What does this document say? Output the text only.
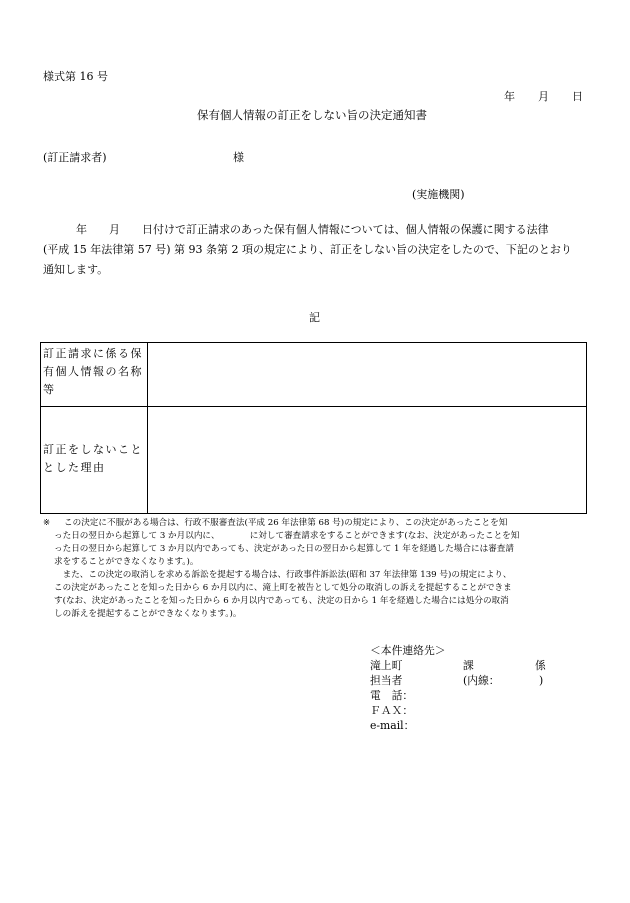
様式第 16 号
年 月 日
保有個人情報の訂正をしない旨の決定通知書
(訂正請求者)	様
(実施機関)
　　　年　　月　　日付けで訂正請求のあった保有個人情報については、個人情報の保護に関する法律
(平成 15 年法律第 57 号) 第 93 条第 2 項の規定により、訂正をしない旨の決定をしたので、下記のとおり
通知します。
記
訂正請求に係る保有個人情報の名称等
訂正をしないこととした理由
※ この決定に不服がある場合は、行政不服審査法(平成 26 年法律第 68 号)の規定により、この決定があったことを知
った日の翌日から起算して 3 か月以内に、　　　　に対して審査請求をすることができます(なお、決定があったことを知
った日の翌日から起算して 3 か月以内であっても、決定があった日の翌日から起算して 1 年を経過した場合には審査請
求をすることができなくなります。)。
　また、この決定の取消しを求める訴訟を提起する場合は、行政事件訴訟法(昭和 37 年法律第 139 号)の規定により、
この決定があったことを知った日から 6 か月以内に、滝上町を被告として処分の取消しの訴えを提起することができま
す(なお、決定があったことを知った日から 6 か月以内であっても、決定の日から 1 年を経過した場合には処分の取消
しの訴えを提起することができなくなります。)。
＜本件連絡先＞
滝上町	課	係
担当者	(内線：	)
電　話：
ＦＡＸ：
e-mail：
